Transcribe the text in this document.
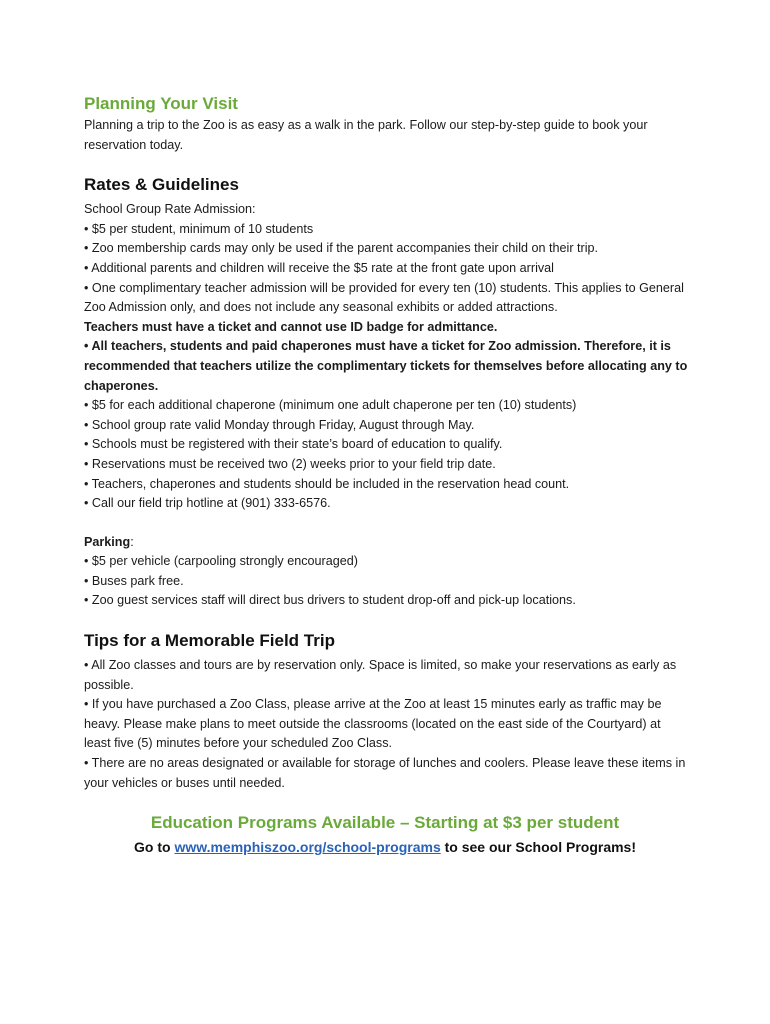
Planning Your Visit

Planning a trip to the Zoo is as easy as a walk in the park. Follow our step-by-step guide to book your reservation today.

Rates & Guidelines

School Group Rate Admission:

• $5 per student, minimum of 10 students

• Zoo membership cards may only be used if the parent accompanies their child on their trip.

• Additional parents and children will receive the $5 rate at the front gate upon arrival

• One complimentary teacher admission will be provided for every ten (10) students. This applies to General Zoo Admission only, and does not include any seasonal exhibits or added attractions.

Teachers must have a ticket and cannot use ID badge for admittance.

• All teachers, students and paid chaperones must have a ticket for Zoo admission. Therefore, it is recommended that teachers utilize the complimentary tickets for themselves before allocating any to chaperones.

• $5 for each additional chaperone (minimum one adult chaperone per ten (10) students)

• School group rate valid Monday through Friday, August through May.

• Schools must be registered with their state’s board of education to qualify.

• Reservations must be received two (2) weeks prior to your field trip date.

• Teachers, chaperones and students should be included in the reservation head count.

• Call our field trip hotline at (901) 333-6576.

Parking:

• $5 per vehicle (carpooling strongly encouraged)

• Buses park free.

• Zoo guest services staff will direct bus drivers to student drop-off and pick-up locations.

Tips for a Memorable Field Trip

• All Zoo classes and tours are by reservation only. Space is limited, so make your reservations as early as possible.

• If you have purchased a Zoo Class, please arrive at the Zoo at least 15 minutes early as traffic may be heavy. Please make plans to meet outside the classrooms (located on the east side of the Courtyard) at least five (5) minutes before your scheduled Zoo Class.

• There are no areas designated or available for storage of lunches and coolers. Please leave these items in your vehicles or buses until needed.

Education Programs Available – Starting at $3 per student
Go to www.memphiszoo.org/school-programs to see our School Programs!
